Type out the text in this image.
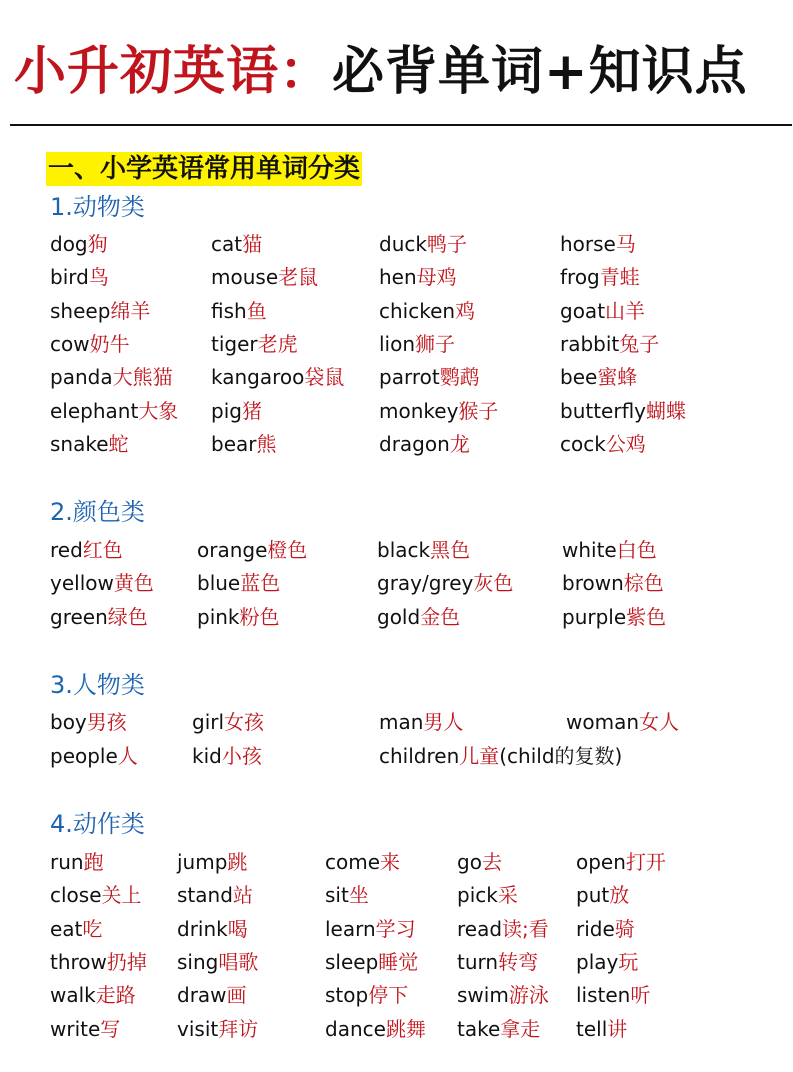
小升初英语：必背单词+知识点
一、小学英语常用单词分类
1.动物类
dog狗	cat猫	duck鸭子	horse马
bird鸟	mouse老鼠	hen母鸡	frog青蛙
sheep绵羊	fish鱼	chicken鸡	goat山羊
cow奶牛	tiger老虎	lion狮子	rabbit兔子
panda大熊猫 kangaroo袋鼠 parrot鹦鹉	bee蜜蜂
elephant大象 pig猪	monkey猴子	butterfly蝴蝶
snake蛇	bear熊	dragon龙	cock公鸡
2.颜色类
red红色	orange橙色	black黑色	white白色
yellow黄色 blue蓝色	gray/grey灰色 brown棕色
green绿色 pink粉色	gold金色	purple紫色
3.人物类
boy男孩	girl女孩	man男人	woman女人
people人	kid小孩	children儿童(child的复数)
4.动作类
run跑	jump跳	come来	go去	open打开
close关上 stand站	sit坐	pick采	put放
eat吃	drink喝	learn学习 read读;看 ride骑
throw扔掉 sing唱歌	sleep睡觉 turn转弯 play玩
walk走路 draw画	stop停下 swim游泳 listen听
write写	visit拜访	dance跳舞 take拿走 tell讲
